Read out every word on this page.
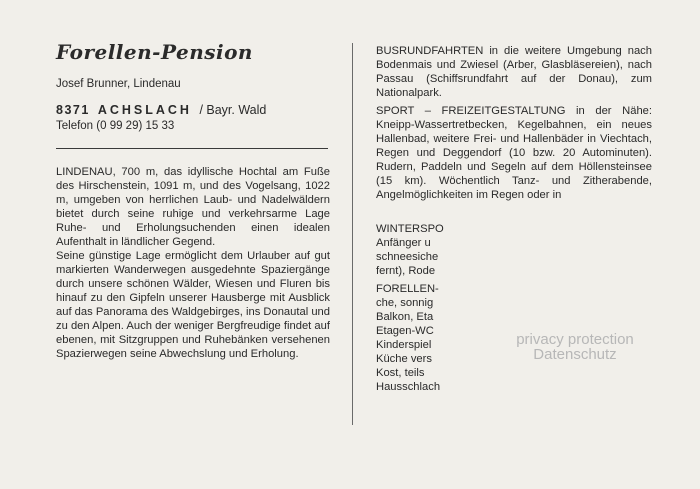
Forellen-Pension
Josef Brunner, Lindenau
8371 ACHSLACH / Bayr. Wald
Telefon (0 99 29) 15 33

LINDENAU, 700 m, das idyllische Hochtal am Fuße des Hirschenstein, 1091 m, und des Vogelsang, 1022 m, umgeben von herrlichen Laub- und Nadelwäldern bietet durch seine ruhige und verkehrsarme Lage Ruhe- und Erholungsuchenden einen idealen Aufenthalt in ländlicher Gegend.

Seine günstige Lage ermöglicht dem Urlauber auf gut markierten Wanderwegen ausgedehnte Spaziergänge durch unsere schönen Wälder, Wiesen und Fluren bis hinauf zu den Gipfeln unserer Hausberge mit Ausblick auf das Panorama des Waldgebirges, ins Donautal und zu den Alpen. Auch der weniger Bergfreudige findet auf ebenen, mit Sitzgruppen und Ruhebänken versehenen Spazierwegen seine Abwechslung und Erholung.

BUSRUNDFAHRTEN in die weitere Umgebung nach Bodenmais und Zwiesel (Arber, Glasbläsereien), nach Passau (Schiffsrundfahrt auf der Donau), zum Nationalpark.

SPORT – FREIZEITGESTALTUNG in der Nähe: Kneipp-Wassertretbecken, Kegelbahnen, ein neues Hallenbad, weitere Frei- und Hallenbäder in Viechtach, Regen und Deggendorf (10 bzw. 20 Autominuten). Rudern, Paddeln und Segeln auf dem Höllensteinsee (15 km). Wöchentlich Tanz- und Zitherabende, Angelmöglichkeiten im Regen oder in

WINTERSPO
Anfänger u
schneesiche
fernt), Rode
FORELLEN-
che, sonnig
Balkon, Eta
Etagen-WC
Kinderspiel
Küche vers
Kost, teils
Hausschlach
privacy protection
Datenschutz
